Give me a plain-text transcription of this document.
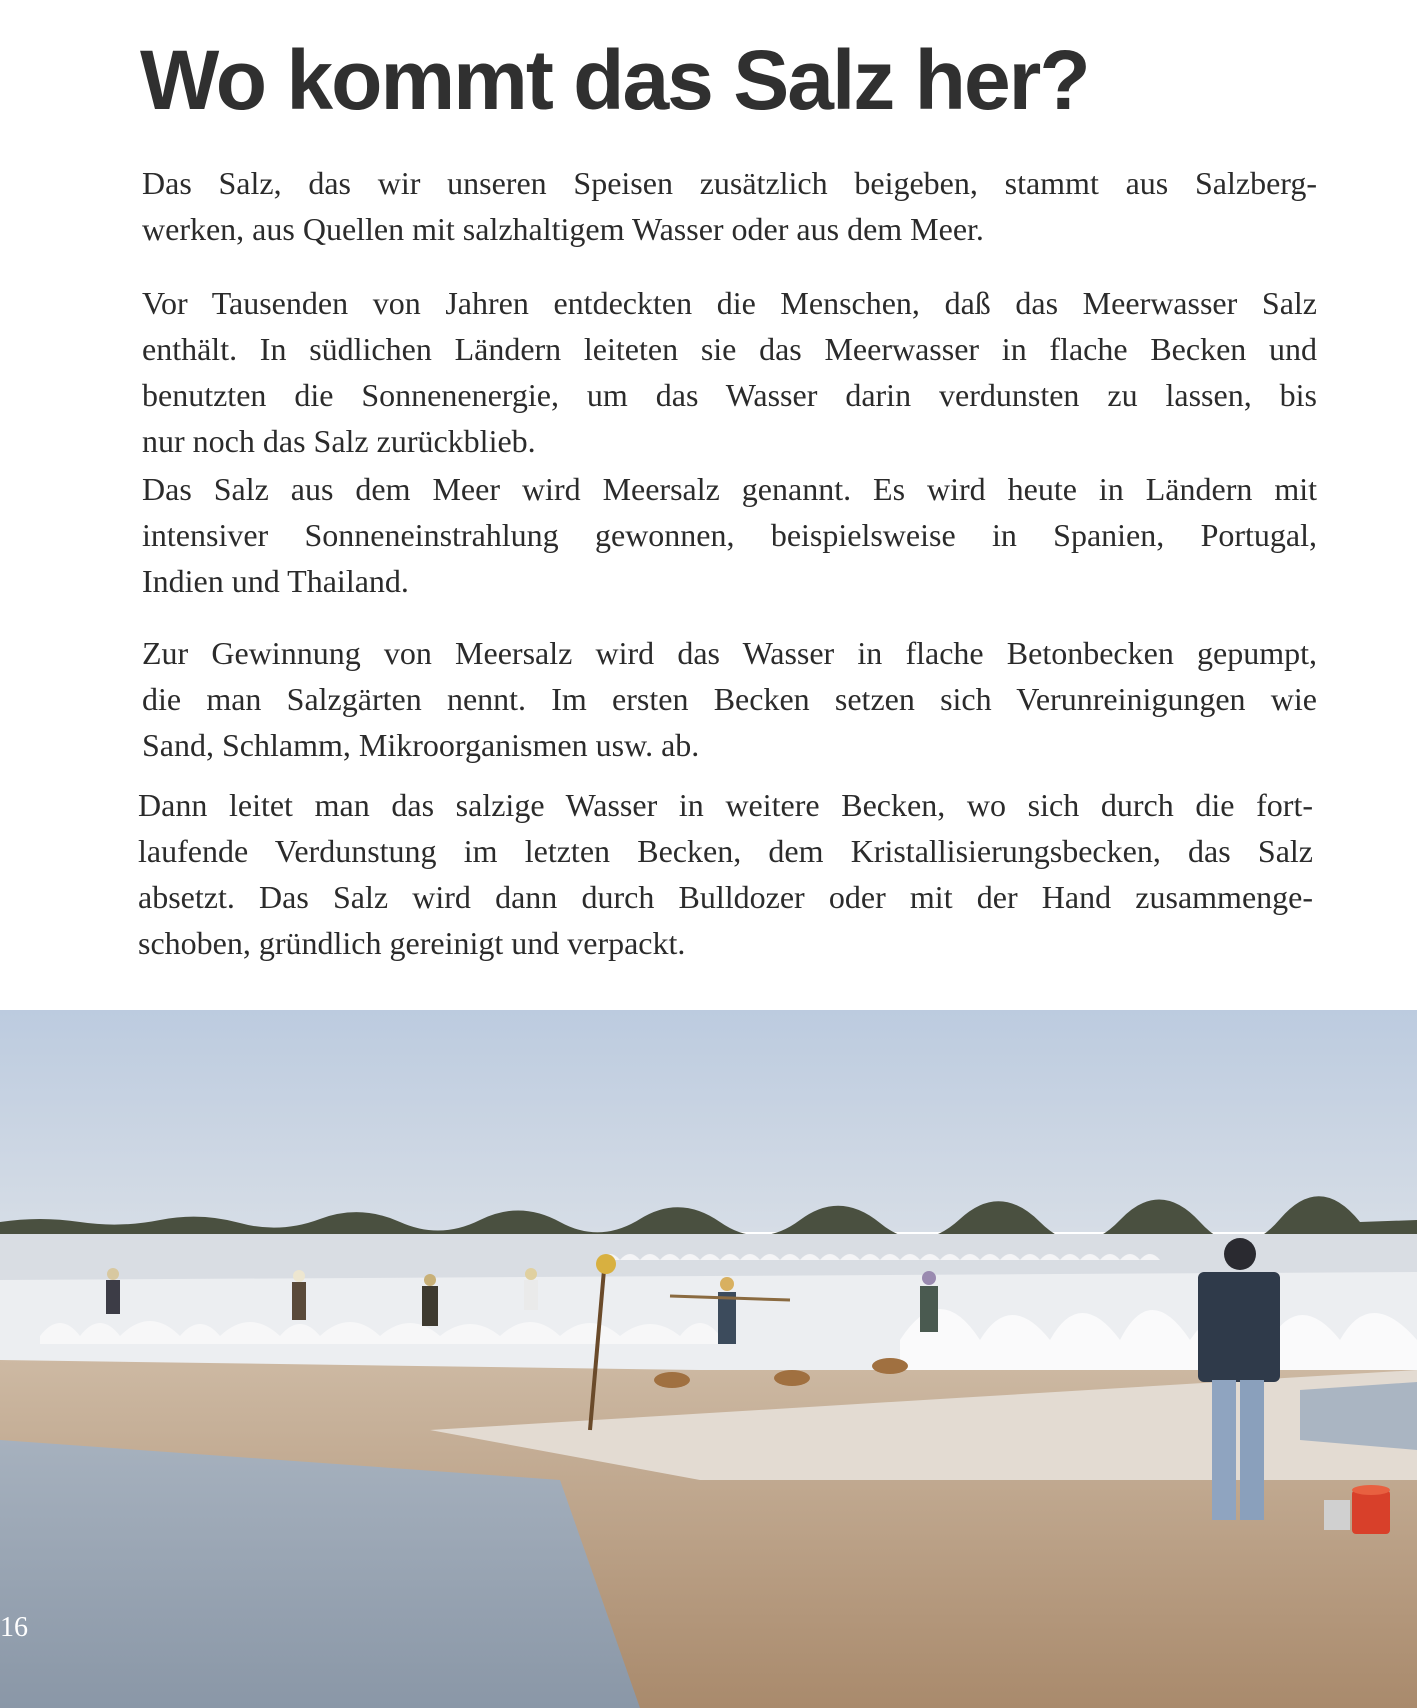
Wo kommt das Salz her?
Das Salz, das wir unseren Speisen zusätzlich beigeben, stammt aus Salzberg-
werken, aus Quellen mit salzhaltigem Wasser oder aus dem Meer.
Vor Tausenden von Jahren entdeckten die Menschen, daß das Meerwasser Salz
enthält. In südlichen Ländern leiteten sie das Meerwasser in flache Becken und
benutzten die Sonnenenergie, um das Wasser darin verdunsten zu lassen, bis
nur noch das Salz zurückblieb.
Das Salz aus dem Meer wird Meersalz genannt. Es wird heute in Ländern mit
intensiver Sonneneinstrahlung gewonnen, beispielsweise in Spanien, Portugal,
Indien und Thailand.
Zur Gewinnung von Meersalz wird das Wasser in flache Betonbecken gepumpt,
die man Salzgärten nennt. Im ersten Becken setzen sich Verunreinigungen wie
Sand, Schlamm, Mikroorganismen usw. ab.
Dann leitet man das salzige Wasser in weitere Becken, wo sich durch die fort-
laufende Verdunstung im letzten Becken, dem Kristallisierungsbecken, das Salz
absetzt. Das Salz wird dann durch Bulldozer oder mit der Hand zusammenge-
schoben, gründlich gereinigt und verpackt.
16
